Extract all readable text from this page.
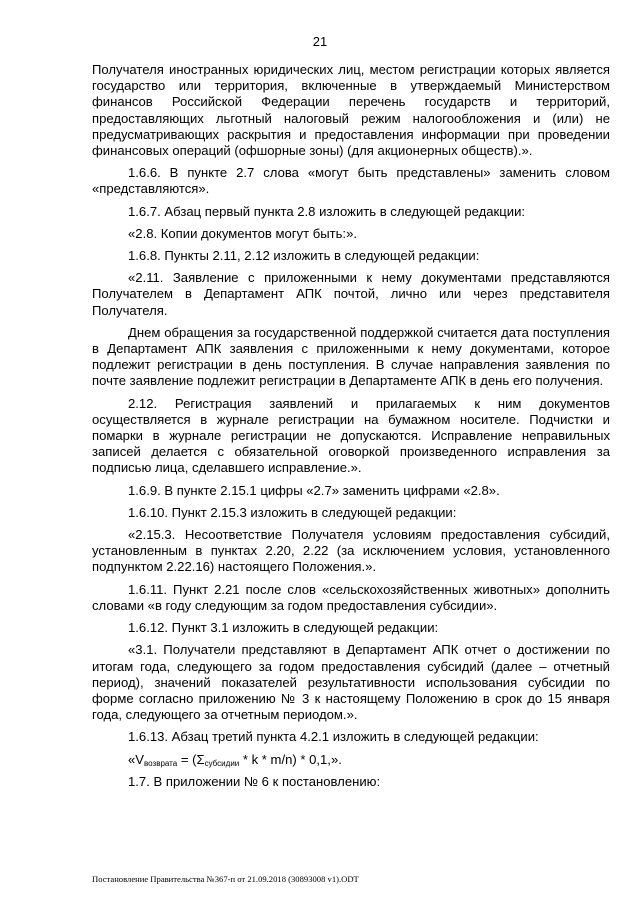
21

Получателя иностранных юридических лиц, местом регистрации которых является государство или территория, включенные в утверждаемый Министерством финансов Российской Федерации перечень государств и территорий, предоставляющих льготный налоговый режим налогообложения и (или) не предусматривающих раскрытия и предоставления информации при проведении финансовых операций (офшорные зоны) (для акционерных обществ).».

1.6.6. В пункте 2.7 слова «могут быть представлены» заменить словом «представляются».

1.6.7. Абзац первый пункта 2.8 изложить в следующей редакции:

«2.8. Копии документов могут быть:».

1.6.8. Пункты 2.11, 2.12 изложить в следующей редакции:

«2.11. Заявление с приложенными к нему документами представляются Получателем в Департамент АПК почтой, лично или через представителя Получателя.

Днем обращения за государственной поддержкой считается дата поступления в Департамент АПК заявления с приложенными к нему документами, которое подлежит регистрации в день поступления. В случае направления заявления по почте заявление подлежит регистрации в Департаменте АПК в день его получения.

2.12. Регистрация заявлений и прилагаемых к ним документов осуществляется в журнале регистрации на бумажном носителе. Подчистки и помарки в журнале регистрации не допускаются. Исправление неправильных записей делается с обязательной оговоркой произведенного исправления за подписью лица, сделавшего исправление.».

1.6.9. В пункте 2.15.1 цифры «2.7» заменить цифрами «2.8».

1.6.10. Пункт 2.15.3 изложить в следующей редакции:

«2.15.3. Несоответствие Получателя условиям предоставления субсидий, установленным в пунктах 2.20, 2.22 (за исключением условия, установленного подпунктом 2.22.16) настоящего Положения.».

1.6.11. Пункт 2.21 после слов «сельскохозяйственных животных» дополнить словами «в году следующим за годом предоставления субсидии».

1.6.12. Пункт 3.1 изложить в следующей редакции:

«3.1. Получатели представляют в Департамент АПК отчет о достижении по итогам года, следующего за годом предоставления субсидий (далее – отчетный период), значений показателей результативности использования субсидии по форме согласно приложению № 3 к настоящему Положению в срок до 15 января года, следующего за отчетным периодом.».

1.6.13. Абзац третий пункта 4.2.1 изложить в следующей редакции:

«$V_{возврата} = (\Sigma_{субсидии} * k * m/n) * 0,1$,».

1.7. В приложении № 6 к постановлению:

Постановление Правительства №367-п от 21.09.2018 (30893008 v1).ODT
